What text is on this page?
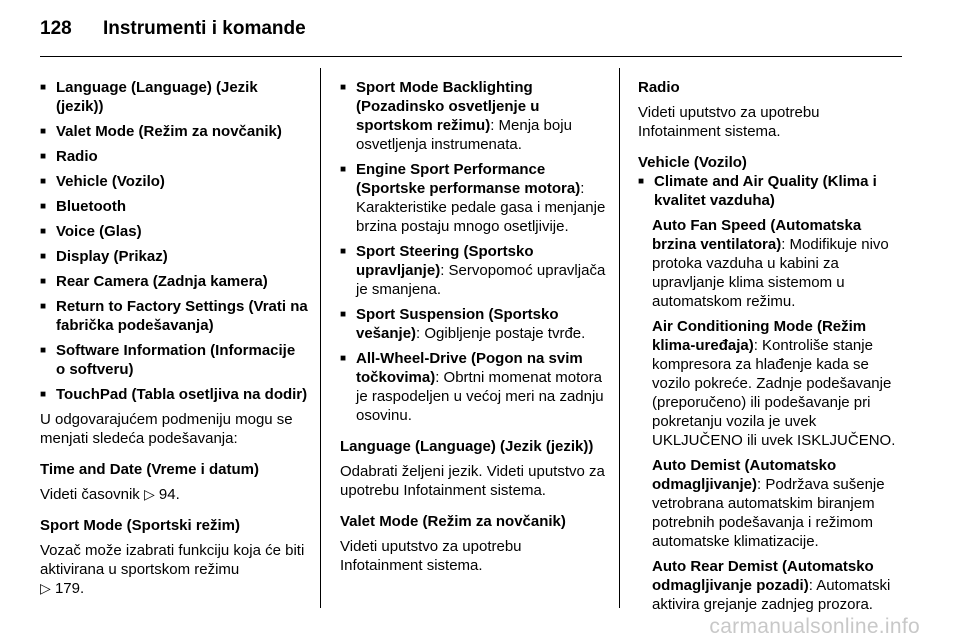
128 Instrumenti i komande
■ Language (Language) (Jezik (jezik))
■ Valet Mode (Režim za novčanik)
■ Radio
■ Vehicle (Vozilo)
■ Bluetooth
■ Voice (Glas)
■ Display (Prikaz)
■ Rear Camera (Zadnja kamera)
■ Return to Factory Settings (Vrati na fabrička podešavanja)
■ Software Information (Informacije o softveru)
■ TouchPad (Tabla osetljiva na dodir)

U odgovarajućem podmeniju mogu se menjati sledeća podešavanja:

Time and Date (Vreme i datum)

Videti časovnik ▷ 94.

Sport Mode (Sportski režim)

Vozač može izabrati funkciju koja će biti aktivirana u sportskom režimu
▷ 179.

■ Sport Mode Backlighting (Pozadinsko osvetljenje u sportskom režimu): Menja boju osvetljenja instrumenata.
■ Engine Sport Performance (Sportske performanse motora): Karakteristike pedale gasa i menjanje brzina postaju mnogo osetljivije.
■ Sport Steering (Sportsko upravljanje): Servopomoć upravljača je smanjena.
■ Sport Suspension (Sportsko vešanje): Ogibljenje postaje tvrđe.
■ All-Wheel-Drive (Pogon na svim točkovima): Obrtni momenat motora je raspodeljen u većoj meri na zadnju osovinu.

Language (Language) (Jezik (jezik))

Odabrati željeni jezik. Videti uputstvo za upotrebu Infotainment sistema.

Valet Mode (Režim za novčanik)

Videti uputstvo za upotrebu Infotainment sistema.

Radio

Videti uputstvo za upotrebu Infotainment sistema.

Vehicle (Vozilo)

■ Climate and Air Quality (Klima i kvalitet vazduha)

Auto Fan Speed (Automatska brzina ventilatora): Modifikuje nivo protoka vazduha u kabini za upravljanje klima sistemom u automatskom režimu.

Air Conditioning Mode (Režim klima-uređaja): Kontroliše stanje kompresora za hlađenje kada se vozilo pokreće. Zadnje podešavanje (preporučeno) ili podešavanje pri pokretanju vozila je uvek UKLJUČENO ili uvek ISKLJUČENO.

Auto Demist (Automatsko odmagljivanje): Podržava sušenje vetrobrana automatskim biranjem potrebnih podešavanja i režimom automatske klimatizacije.

Auto Rear Demist (Automatsko odmagljivanje pozadi): Automatski aktivira grejanje zadnjeg prozora.

carmanualsonline.info
